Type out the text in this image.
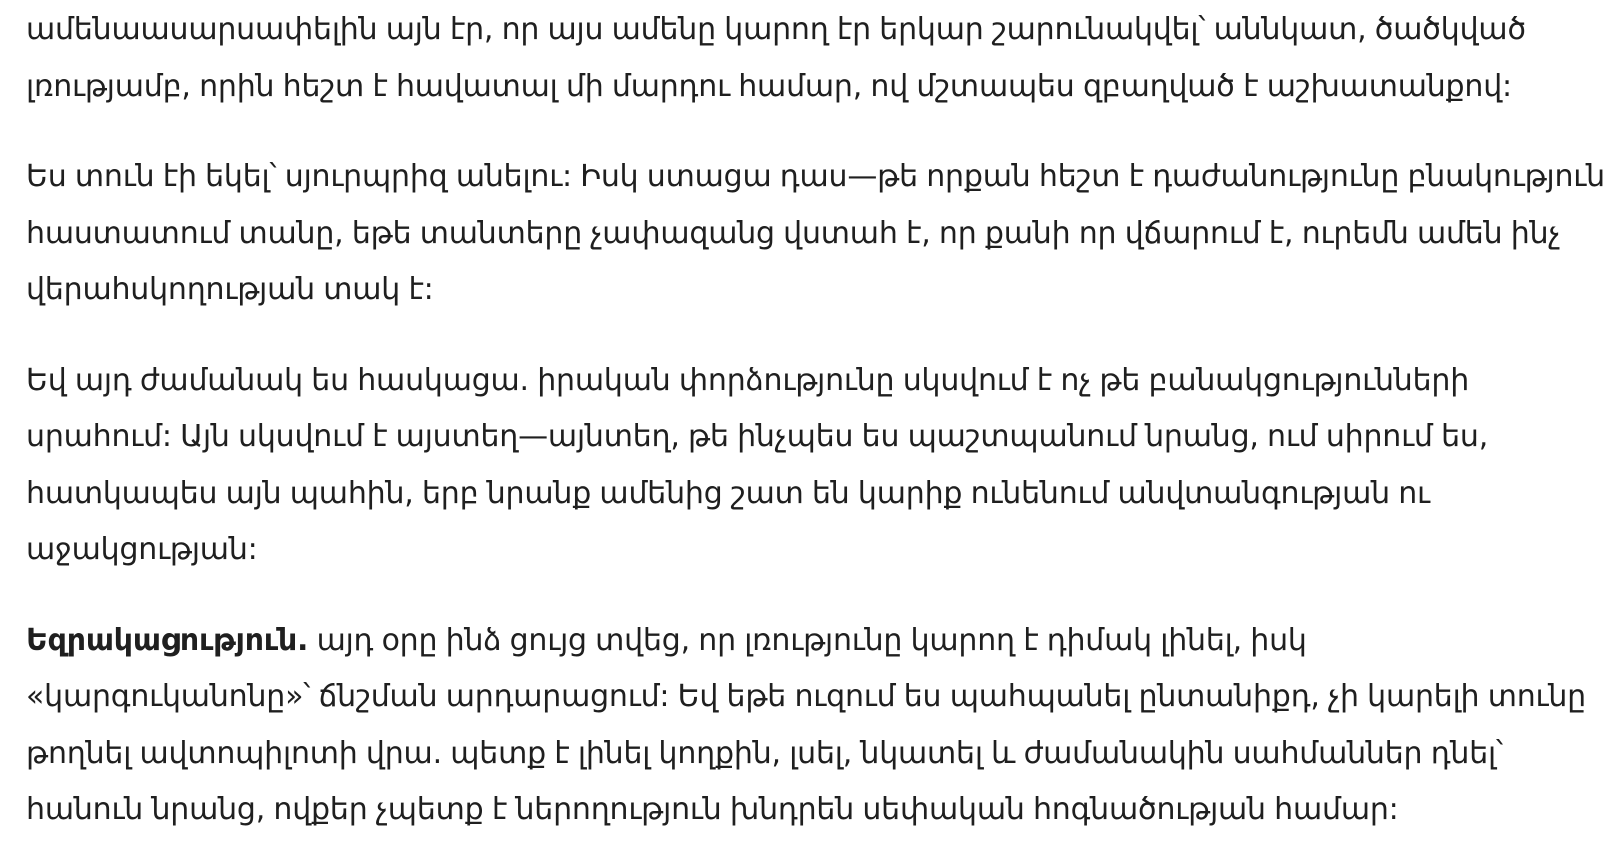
ամենաասարսափելին այն էր, որ այս ամենը կարող էր երկար շարունակվել՝ աննկատ, ծածկված
լռությամբ, որին հեշտ է հավատալ մի մարդու համար, ով մշտապես զբաղված է աշխատանքով:

Ես տուն էի եկել՝ սյուրպրիզ անելու: Իսկ ստացա դաս—թե որքան հեշտ է դաժանությունը բնակություն
հաստատում տանը, եթե տանտերը չափազանց վստահ է, որ քանի որ վճարում է, ուրեմն ամեն ինչ
վերահսկողության տակ է:

Եվ այդ ժամանակ ես հասկացա. իրական փորձությունը սկսվում է ոչ թե բանակցությունների
սրահում: Այն սկսվում է այստեղ—այնտեղ, թե ինչպես ես պաշտպանում նրանց, ում սիրում ես,
հատկապես այն պահին, երբ նրանք ամենից շատ են կարիք ունենում անվտանգության ու
աջակցության:

Եզրակացություն. այդ օրը ինձ ցույց տվեց, որ լռությունը կարող է դիմակ լինել, իսկ
«կարգուկանոնը»՝ ճնշման արդարացում: Եվ եթե ուզում ես պահպանել ընտանիքդ, չի կարելի տունը
թողնել ավտոպիլոտի վրա. պետք է լինել կողքին, լսել, նկատել և ժամանակին սահմաններ դնել՝
հանուն նրանց, ովքեր չպետք է ներողություն խնդրեն սեփական հոգնածության համար:
